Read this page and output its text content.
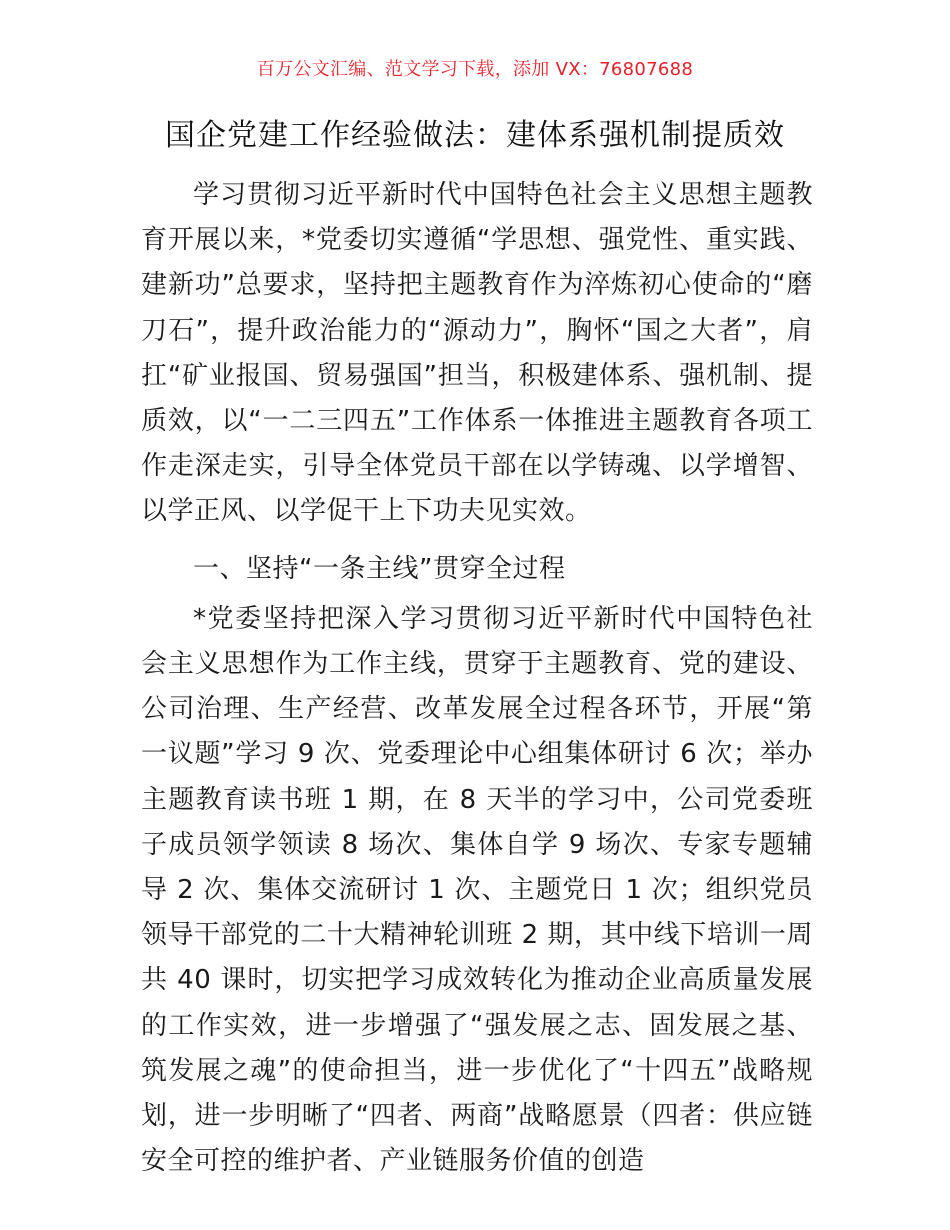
百万公文汇编、范文学习下载，添加 VX：76807688
国企党建工作经验做法：建体系强机制提质效

学习贯彻习近平新时代中国特色社会主义思想主题教育开展以来，*党委切实遵循“学思想、强党性、重实践、建新功”总要求，坚持把主题教育作为淬炼初心使命的“磨刀石”，提升政治能力的“源动力”，胸怀“国之大者”，肩扛“矿业报国、贸易强国”担当，积极建体系、强机制、提质效，以“一二三四五”工作体系一体推进主题教育各项工作走深走实，引导全体党员干部在以学铸魂、以学增智、以学正风、以学促干上下功夫见实效。

一、坚持“一条主线”贯穿全过程

*党委坚持把深入学习贯彻习近平新时代中国特色社会主义思想作为工作主线，贯穿于主题教育、党的建设、公司治理、生产经营、改革发展全过程各环节，开展“第一议题”学习 9 次、党委理论中心组集体研讨 6 次；举办主题教育读书班 1 期，在 8 天半的学习中，公司党委班子成员领学领读 8 场次、集体自学 9 场次、专家专题辅导 2 次、集体交流研讨 1 次、主题党日 1 次；组织党员领导干部党的二十大精神轮训班 2 期，其中线下培训一周共 40 课时，切实把学习成效转化为推动企业高质量发展的工作实效，进一步增强了“强发展之志、固发展之基、筑发展之魂”的使命担当，进一步优化了“十四五”战略规划，进一步明晰了“四者、两商”战略愿景（四者：供应链安全可控的维护者、产业链服务价值的创造
